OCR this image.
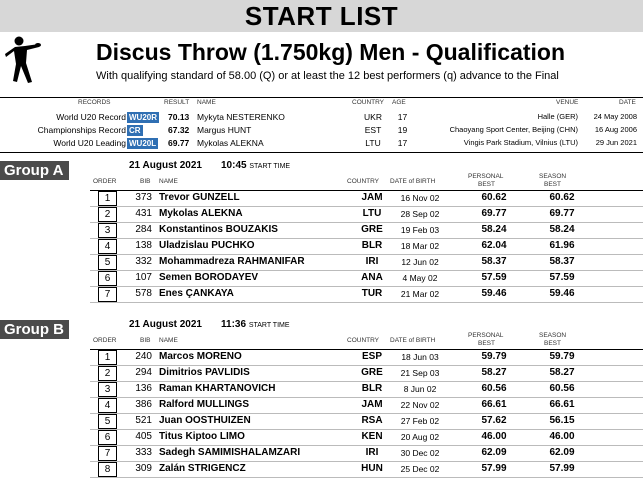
START LIST
Discus Throw (1.750kg) Men - Qualification
With qualifying standard of 58.00 (Q) or at least the 12 best performers (q) advance to the Final
RECORDS	RESULT NAME	COUNTRY AGE	VENUE	DATE
World U20 Record WU20R 70.13 Mykyta NESTERENKO	UKR	17	Halle (GER) 24 May 2008
Championships Record CR	67.32 Margus HUNT	EST	19	Chaoyang Sport Center, Beijing (CHN) 16 Aug 2006
World U20 Leading WU20L 69.77 Mykolas ALEKNA	LTU	17	Vingis Park Stadium, Vilnius (LTU) 29 Jun 2021
Group A	21 August 2021 10:45 START TIME
ORDER	BIB NAME	COUNTRY DATE of BIRTH
PERSONAL
BEST
SEASON
BEST
1	373 Trevor GUNZELL	JAM	16 Nov 02	60.62	60.62
2	431 Mykolas ALEKNA	LTU	28 Sep 02	69.77	69.77
3	284 Konstantinos BOUZAKIS	GRE	19 Feb 03	58.24	58.24
4	138 Uladzislau PUCHKO	BLR	18 Mar 02	62.04	61.96
5	332 Mohammadreza RAHMANIFAR	IRI	12 Jun 02	58.37	58.37
6	107 Semen BORODAYEV	ANA	4 May 02	57.59	57.59
7	578 Enes ÇANKAYA	TUR	21 Mar 02	59.46	59.46
Group B	21 August 2021 11:36 START TIME
ORDER	BIB NAME	COUNTRY DATE of BIRTH
PERSONAL
BEST
SEASON
BEST
1	240 Marcos MORENO	ESP	18 Jun 03	59.79	59.79
2	294 Dimitrios PAVLIDIS	GRE	21 Sep 03	58.27	58.27
3	136 Raman KHARTANOVICH	BLR	8 Jun 02	60.56	60.56
4	386 Ralford MULLINGS	JAM	22 Nov 02	66.61	66.61
5	521 Juan OOSTHUIZEN	RSA	27 Feb 02	57.62	56.15
6	405 Titus Kiptoo LIMO	KEN	20 Aug 02	46.00	46.00
7	333 Sadegh SAMIMISHALAMZARI	IRI	30 Dec 02	62.09	62.09
8	309 Zalán STRIGENCZ	HUN	25 Dec 02	57.99	57.99
